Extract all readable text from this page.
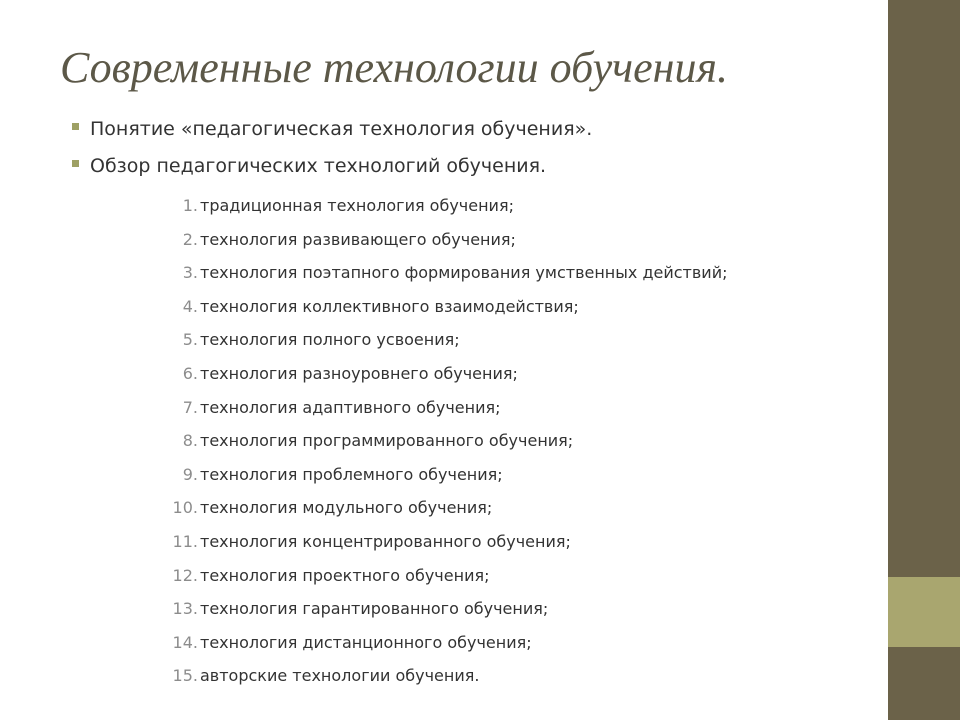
Современные технологии обучения.
Понятие «педагогическая технология обучения».
Обзор педагогических технологий обучения.
1. традиционная технология обучения;
2. технология развивающего обучения;
3. технология поэтапного формирования умственных действий;
4. технология коллективного взаимодействия;
5. технология полного усвоения;
6. технология разноуровнего обучения;
7. технология адаптивного обучения;
8. технология программированного обучения;
9. технология проблемного обучения;
10. технология модульного обучения;
11. технология концентрированного обучения;
12. технология проектного обучения;
13. технология гарантированного обучения;
14. технология дистанционного обучения;
15. авторские технологии обучения.
